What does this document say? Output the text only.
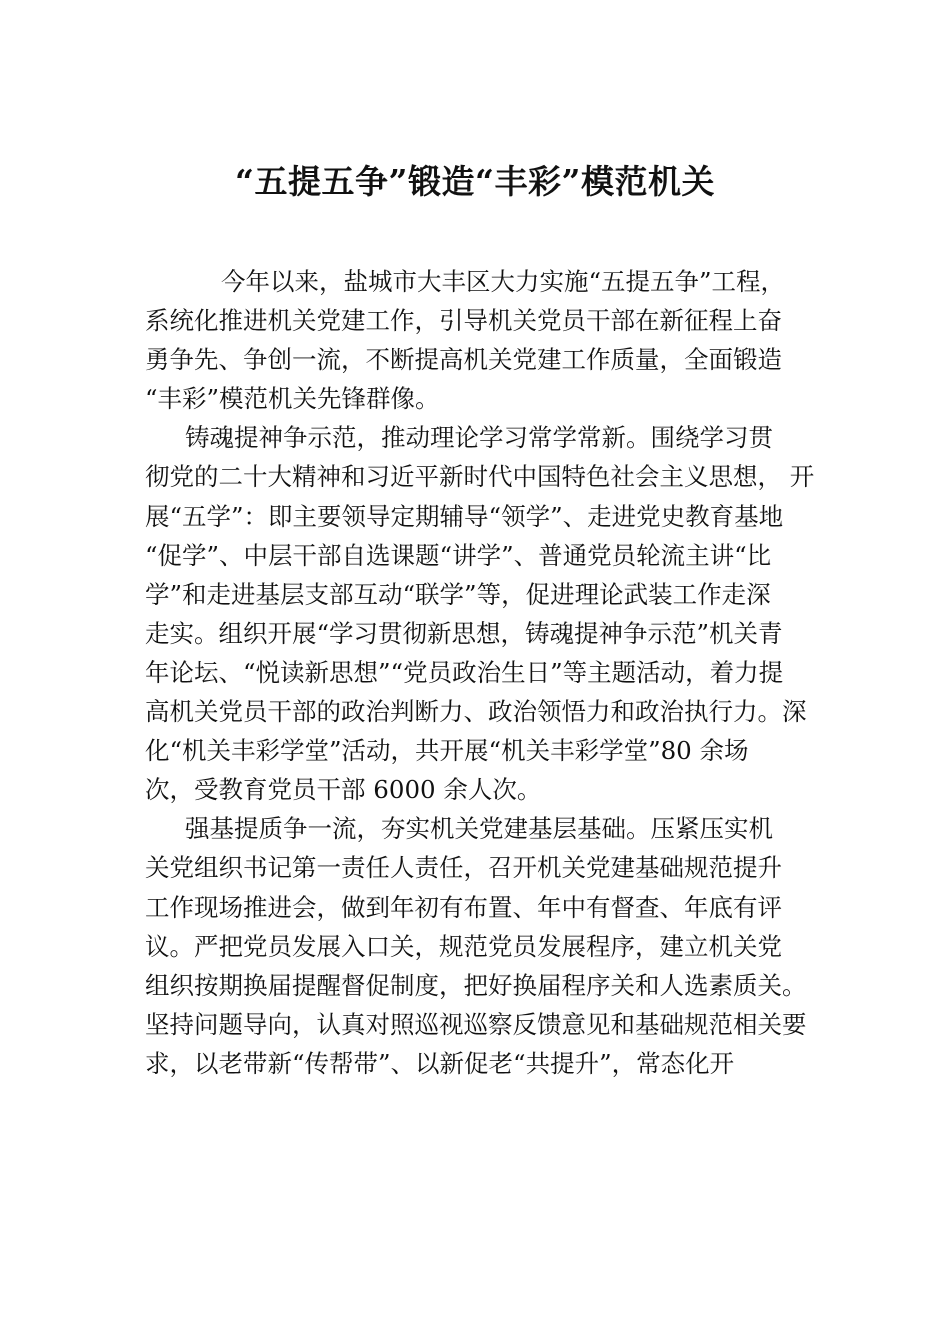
“五提五争”锻造“丰彩”模范机关
今年以来，盐城市大丰区大力实施“五提五争”工程，
系统化推进机关党建工作，引导机关党员干部在新征程上奋
勇争先、争创一流，不断提高机关党建工作质量，全面锻造
“丰彩”模范机关先锋群像。
铸魂提神争示范，推动理论学习常学常新。围绕学习贯
彻党的二十大精神和习近平新时代中国特色社会主义思想， 开
展“五学”：即主要领导定期辅导“领学”、走进党史教育基地
“促学”、中层干部自选课题“讲学”、普通党员轮流主讲“比
学”和走进基层支部互动“联学”等，促进理论武装工作走深
走实。组织开展“学习贯彻新思想，铸魂提神争示范”机关青
年论坛、“悦读新思想”“党员政治生日”等主题活动，着力提
高机关党员干部的政治判断力、政治领悟力和政治执行力。深
化“机关丰彩学堂”活动，共开展“机关丰彩学堂”80 余场
次，受教育党员干部 6000 余人次。
强基提质争一流，夯实机关党建基层基础。压紧压实机
关党组织书记第一责任人责任，召开机关党建基础规范提升
工作现场推进会，做到年初有布置、年中有督查、年底有评
议。严把党员发展入口关，规范党员发展程序，建立机关党
组织按期换届提醒督促制度，把好换届程序关和人选素质关。
坚持问题导向，认真对照巡视巡察反馈意见和基础规范相关要
求，以老带新“传帮带”、以新促老“共提升”，常态化开
